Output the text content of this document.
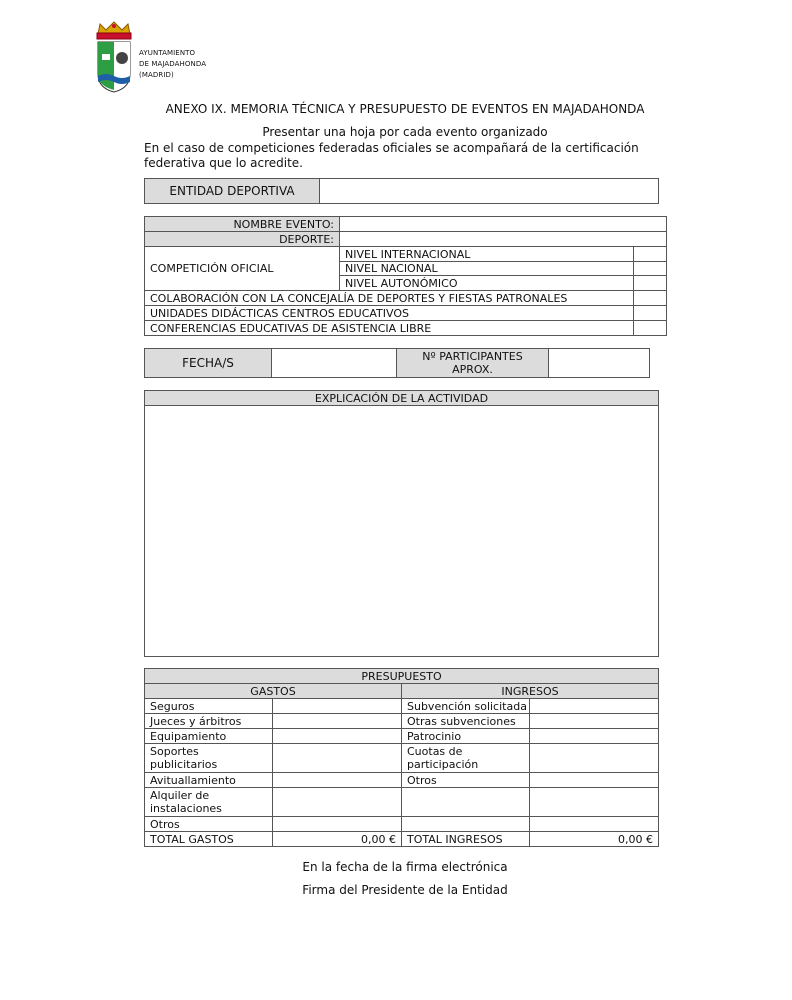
AYUNTAMIENTO
DE MAJADAHONDA
(MADRID)
ANEXO IX. MEMORIA TÉCNICA Y PRESUPUESTO DE EVENTOS EN MAJADAHONDA
Presentar una hoja por cada evento organizado
En el caso de competiciones federadas oficiales se acompañará de la certificación federativa que lo acredite.
ENTIDAD DEPORTIVA	
NOMBRE EVENTO:		
DEPORTE:		
COMPETICIÓN OFICIAL	NIVEL INTERNACIONAL	
	NIVEL NACIONAL	
	NIVEL AUTONÓMICO	
COLABORACIÓN CON LA CONCEJALÍA DE DEPORTES Y FIESTAS PATRONALES		
UNIDADES DIDÁCTICAS CENTROS EDUCATIVOS		
CONFERENCIAS EDUCATIVAS DE ASISTENCIA LIBRE		
FECHA/S		Nº PARTICIPANTES APROX.	
EXPLICACIÓN DE LA ACTIVIDAD

PRESUPUESTO			
GASTOS		INGRESOS	
Seguros		Subvención solicitada	
Jueces y árbitros		Otras subvenciones	
Equipamiento		Patrocinio	
Soportes publicitarios		Cuotas de participación	
Avituallamiento		Otros	
Alquiler de instalaciones			
Otros			
TOTAL GASTOS	0,00 €	TOTAL INGRESOS	0,00 €
En la fecha de la firma electrónica
Firma del Presidente de la Entidad
